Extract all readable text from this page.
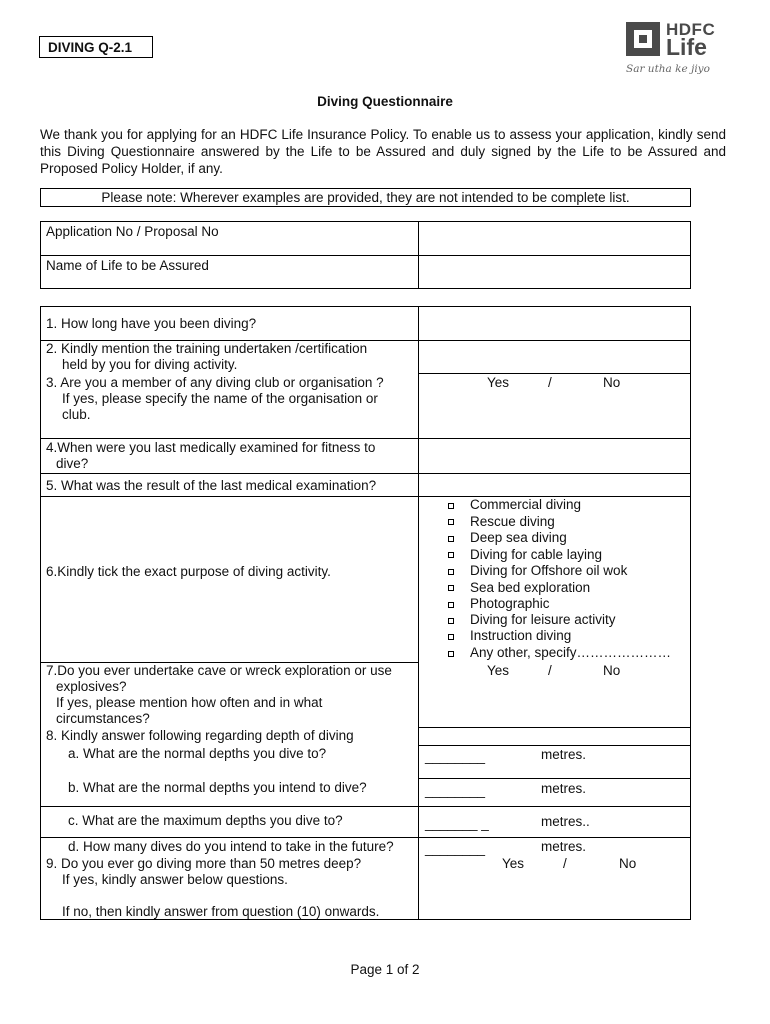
DIVING Q-2.1
HDFC
Life
Sar utha ke jiyo
Diving Questionnaire
We thank you for applying for an HDFC Life Insurance Policy. To enable us to assess your application, kindly send this Diving Questionnaire answered by the Life to be Assured and duly signed by the Life to be Assured and Proposed Policy Holder, if any.
Please note: Wherever examples are provided, they are not intended to be complete list.
Application No / Proposal No
Name of Life to be Assured
1. How long have you been diving?
2. Kindly mention the training undertaken /certification
held by you for diving activity.
3. Are you a member of any diving club or organisation ?
If yes, please specify the name of the organisation or
club.
Yes	/	No
4.When were you last medically examined for fitness to
dive?
5. What was the result of the last medical examination?
6.Kindly tick the exact purpose of diving activity.
Commercial diving
Rescue diving
Deep sea diving
Diving for cable laying
Diving for Offshore oil wok
Sea bed exploration
Photographic
Diving for leisure activity
Instruction diving
Any other, specify…………………
7.Do you ever undertake cave or wreck exploration or use
explosives?
If yes, please mention how often and in what
circumstances?
Yes	/	No
8. Kindly answer following regarding depth of diving
a. What are the normal depths you dive to?	________	metres.
b. What are the normal depths you intend to dive?	________	metres.
c. What are the maximum depths you dive to?	_______ _	metres..
d. How many dives do you intend to take in the future? ________	metres.
9. Do you ever go diving more than 50 metres deep?
If yes, kindly answer below questions.
If no, then kindly answer from question (10) onwards.
Yes	/	No
Page 1 of 2
